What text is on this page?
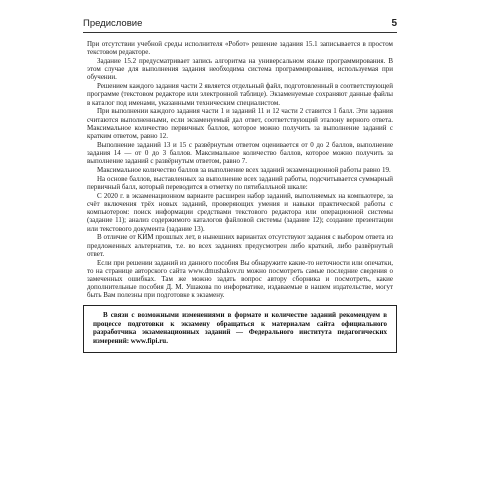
Предисловие	5

При отсутствии учебной среды исполнителя «Робот» решение задания 15.1 записывается в простом текстовом редакторе.

Задание 15.2 предусматривает запись алгоритма на универсальном языке программирования. В этом случае для выполнения задания необходима система программирования, используемая при обучении.

Решением каждого задания части 2 является отдельный файл, подготовленный в соответствующей программе (текстовом редакторе или электронной таблице). Экзаменуемые сохраняют данные файлы в каталог под именами, указанными техническим специалистом.

При выполнении каждого задания части 1 и заданий 11 и 12 части 2 ставится 1 балл. Эти задания считаются выполненными, если экзаменуемый дал ответ, соответствующий эталону верного ответа. Максимальное количество первичных баллов, которое можно получить за выполнение заданий с кратким ответом, равно 12.

Выполнение заданий 13 и 15 с развёрнутым ответом оценивается от 0 до 2 баллов, выполнение задания 14 — от 0 до 3 баллов. Максимальное количество баллов, которое можно получить за выполнение заданий с развёрнутым ответом, равно 7.

Максимальное количество баллов за выполнение всех заданий экзаменационной работы равно 19.

На основе баллов, выставленных за выполнение всех заданий работы, подсчитывается суммарный первичный балл, который переводится в отметку по пятибалльной шкале:

С 2020 г. в экзаменационном варианте расширен набор заданий, выполняемых на компьютере, за счёт включения трёх новых заданий, проверяющих умения и навыки практической работы с компьютером: поиск информации средствами текстового редактора или операционной системы (задание 11); анализ содержимого каталогов файловой системы (задание 12); создание презентации или текстового документа (задание 13).

В отличие от КИМ прошлых лет, в нынешних вариантах отсутствуют задания с выбором ответа из предложенных альтернатив, т.е. во всех заданиях предусмотрен либо краткий, либо развёрнутый ответ.

Если при решении заданий из данного пособия Вы обнаружите какие-то неточности или опечатки, то на странице авторского сайта www.dmushakov.ru можно посмотреть самые последние сведения о замеченных ошибках. Там же можно задать вопрос автору сборника и посмотреть, какие дополнительные пособия Д. М. Ушакова по информатике, издаваемые в нашем издательстве, могут быть Вам полезны при подготовке к экзамену.

В связи с возможными изменениями в формате и количестве заданий рекомендуем в процессе подготовки к экзамену обращаться к материалам сайта официального разработчика экзаменационных заданий — Федерального института педагогических измерений: www.fipi.ru.
